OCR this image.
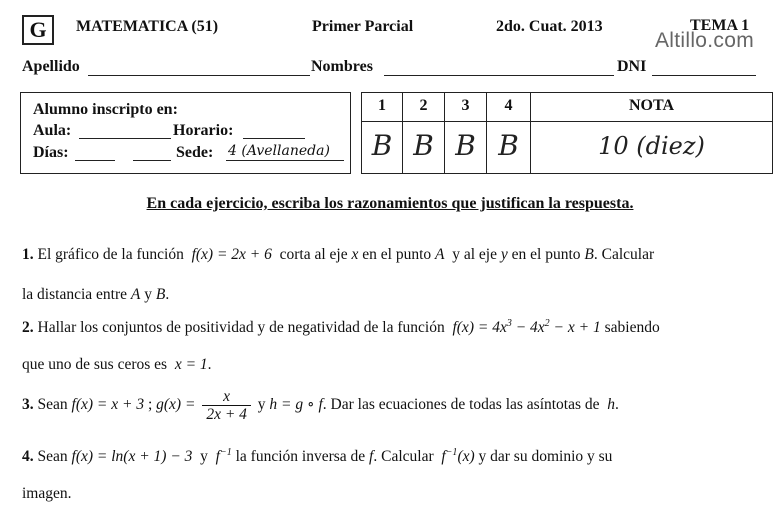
G	MATEMATICA (51)	Primer Parcial	2do. Cuat. 2013	TEMA 1
Altillo.com
Apellido	Nombres	DNI
Alumno inscripto en:
Aula:	Horario:
Días:	Sede: 4 (Avellaneda)
1	2	3	4	NOTA
B B B B	10 (diez)
En cada ejercicio, escriba los razonamientos que justifican la respuesta.
1. El gráfico de la función f(x) = 2x + 6 corta al eje x en el punto A y al eje y en el punto B. Calcular
la distancia entre A y B.
2. Hallar los conjuntos de positividad y de negatividad de la función $f(x) = 4x^3 - 4x^2 - x + 1$ sabiendo
que uno de sus ceros es x = 1.
3. Sean f(x) = x + 3 ; $g(x) = \frac{x}{2x + 4}$ y h = g ∘ f. Dar las ecuaciones de todas las asíntotas de h.
4. Sean f(x) = ln(x + 1) − 3 y $f^{-1}$ la función inversa de f. Calcular $f^{-1}(x)$ y dar su dominio y su
imagen.
